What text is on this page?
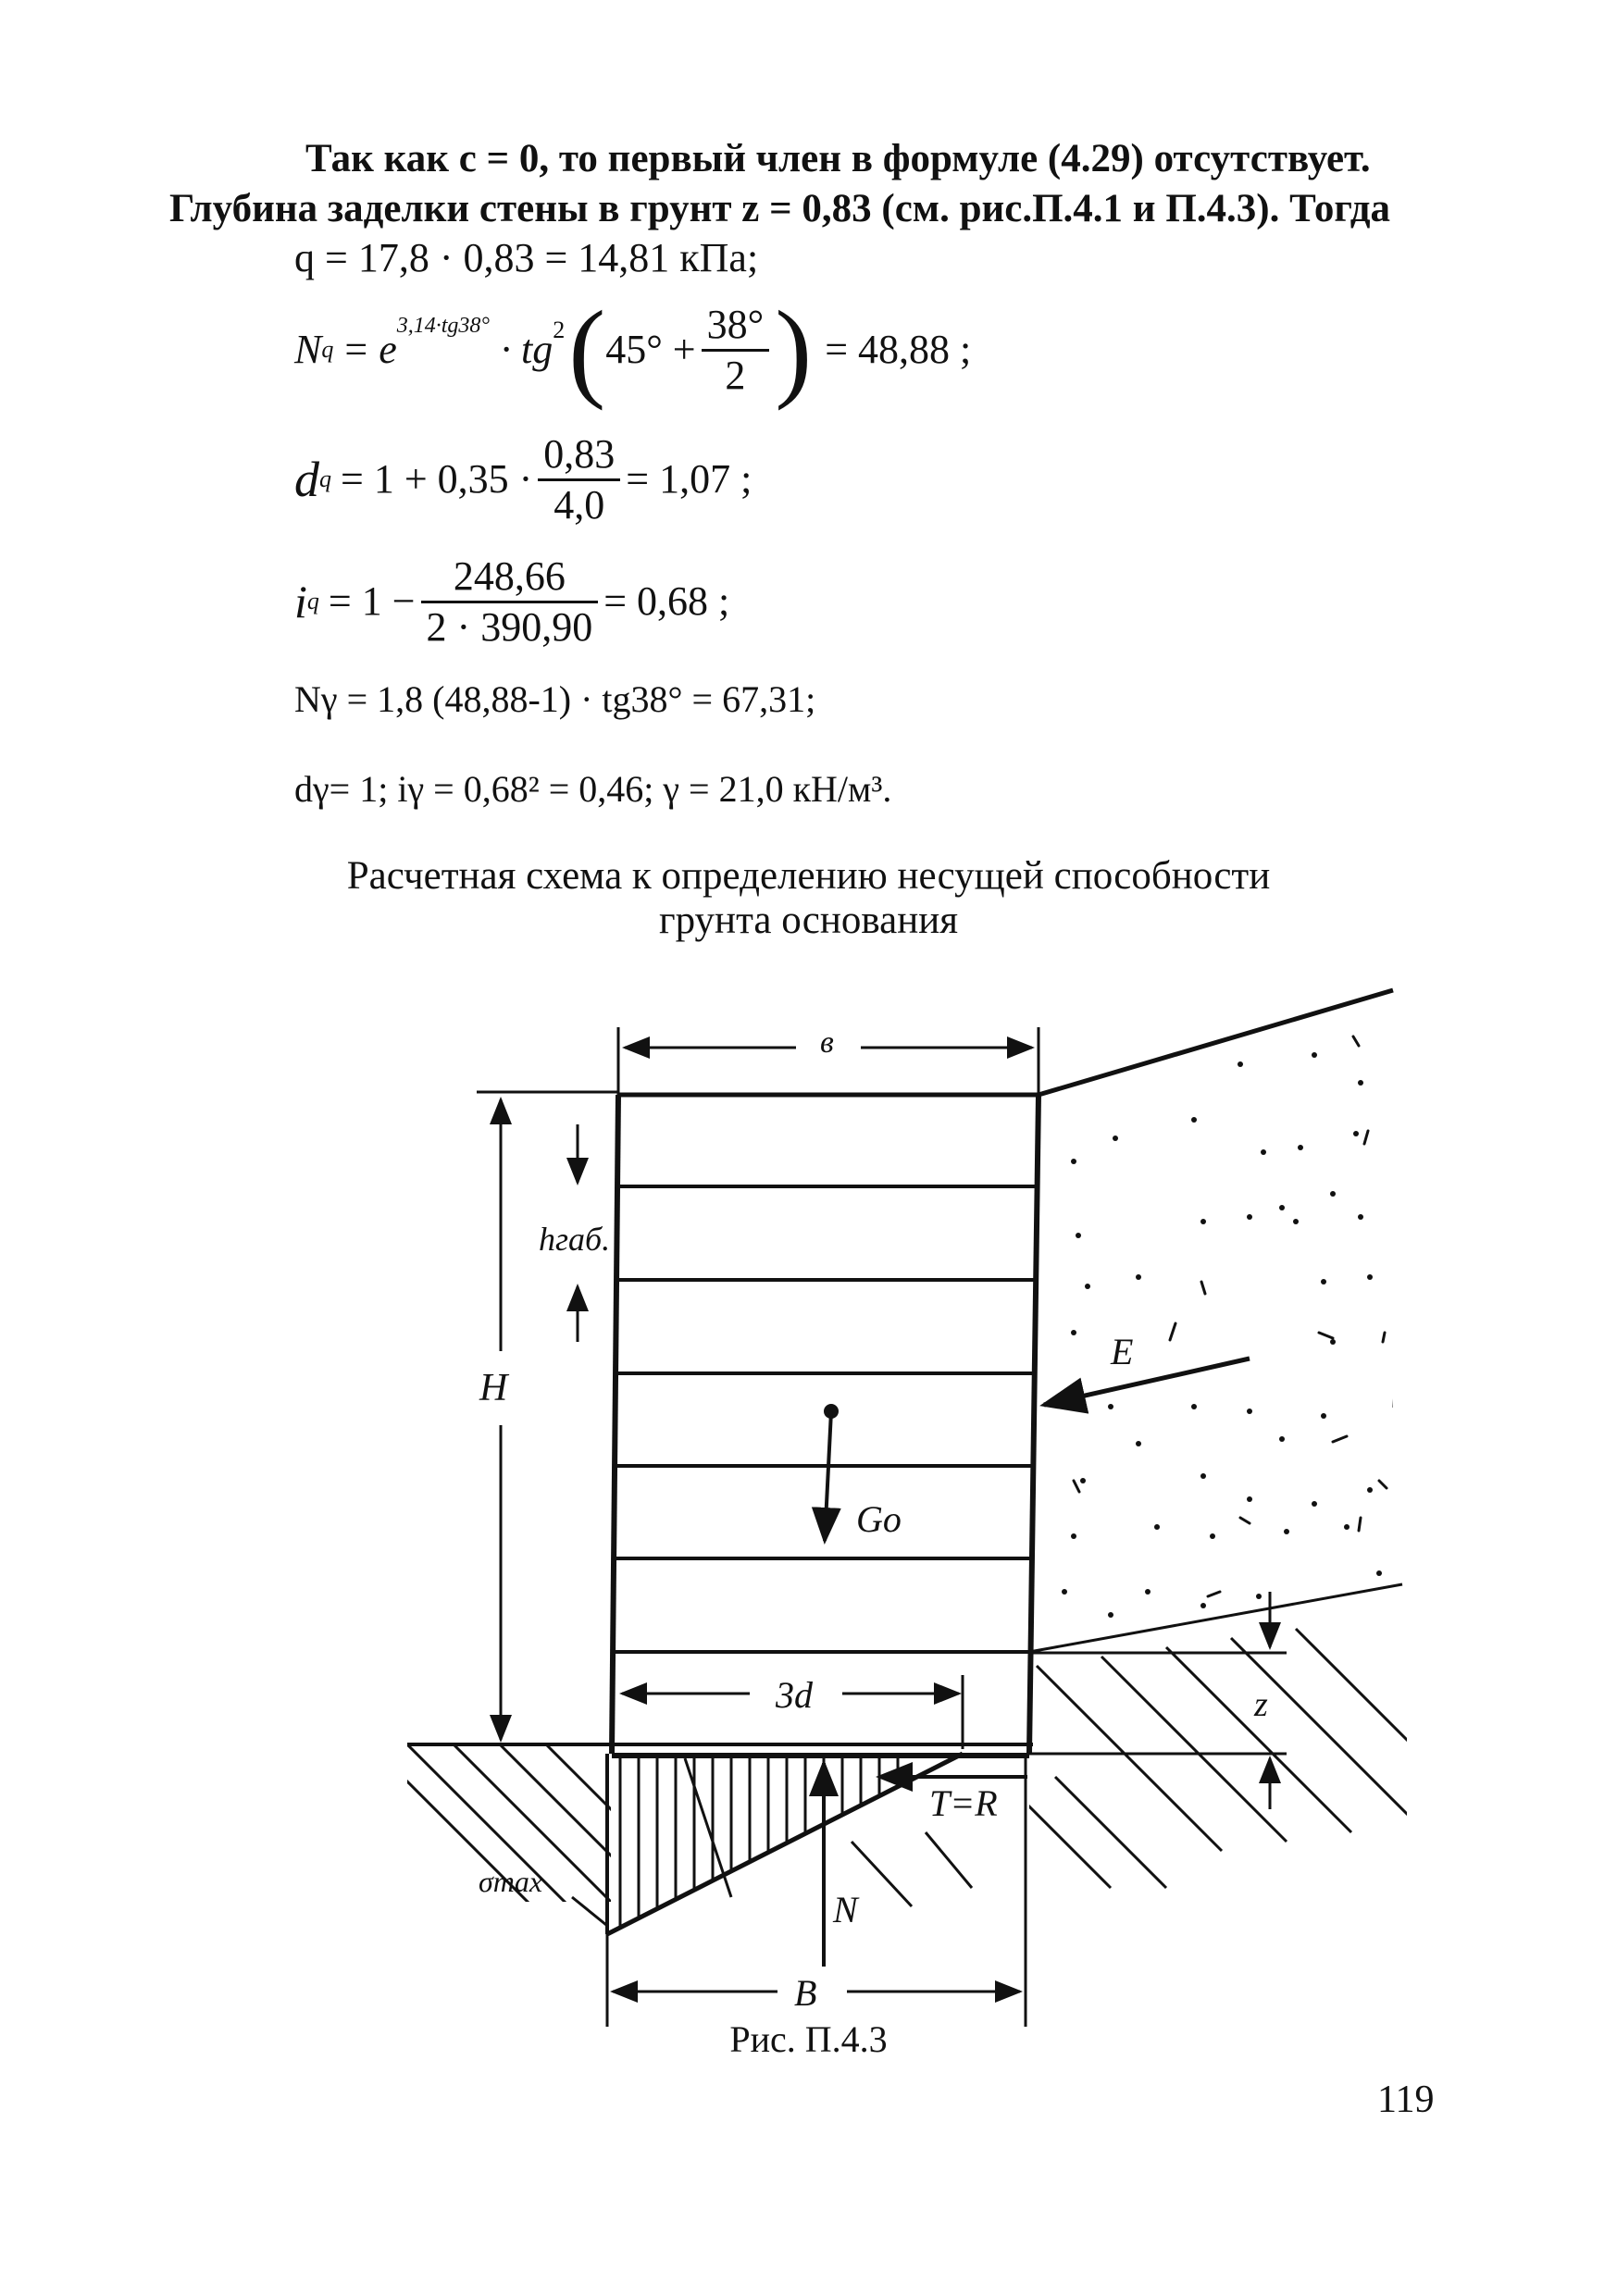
Так как c = 0, то первый член в формуле (4.29) отсутствует.
Глубина заделки стены в грунт z = 0,83 (см. рис.П.4.1 и П.4.3). Тогда
q = 17,8 · 0,83 = 14,81 кПа;
N q = e
$^{3,14\cdot tg38^\circ}$
· $tg^2$ ( $45^\circ + \frac{38^\circ}{2}$ ) = 48,88 ;
d $q = 1 + 0,35 \cdot \frac{0,83}{4,0} = 1,07$ ;
i $q = 1 - \frac{248,66}{2 \cdot 390,90} = 0,68$ ;
Nγ = 1,8 (48,88-1) · tg38° = 67,31;
dγ= 1; iγ = 0,68² = 0,46; γ = 21,0 кН/м³.
Расчетная схема к определению несущей способности
грунта основания
в
hгаб.
H
E
Go
3d	z
T=R
σmax
N
B
Рис. П.4.3
119
